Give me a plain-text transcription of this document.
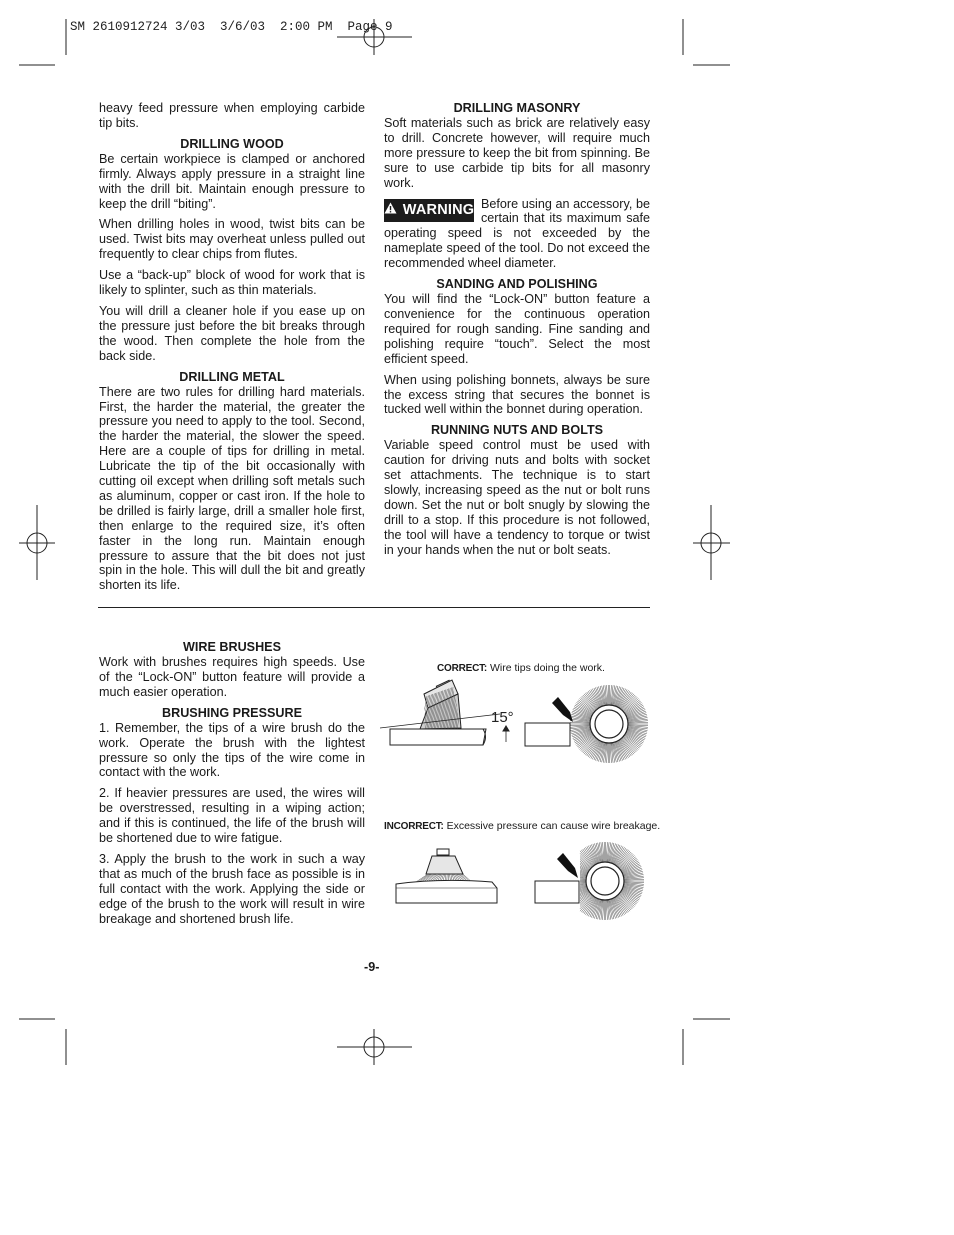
SM 2610912724 3/03  3/6/03  2:00 PM  Page 9

heavy feed pressure when employing carbide tip bits.

DRILLING WOOD

Be certain workpiece is clamped or anchored firmly. Always apply pressure in a straight line with the drill bit. Maintain enough pressure to keep the drill “biting”.

When drilling holes in wood, twist bits can be used. Twist bits may overheat unless pulled out frequently to clear chips from flutes.

Use a “back-up” block of wood for work that is likely to splinter, such as thin materials.

You will drill a cleaner hole if you ease up on the pressure just before the bit breaks through the wood. Then complete the hole from the back side.

DRILLING METAL

There are two rules for drilling hard materials. First, the harder the material, the greater the pressure you need to apply to the tool. Second, the harder the material, the slower the speed. Here are a couple of tips for drilling in metal. Lubricate the tip of the bit occasionally with cutting oil except when drilling soft metals such as aluminum, copper or cast iron. If the hole to be drilled is fairly large, drill a smaller hole first, then enlarge to the required size, it’s often faster in the long run. Maintain enough pressure to assure that the bit does not just spin in the hole. This will dull the bit and greatly shorten its life.

DRILLING MASONRY

Soft materials such as brick are relatively easy to drill. Concrete however, will require much more pressure to keep the bit from spinning. Be sure to use carbide tip bits for all masonry work.

WARNING Before using an accessory, be certain that its maximum safe operating speed is not exceeded by the nameplate speed of the tool. Do not exceed the recommended wheel diameter.

SANDING AND POLISHING

You will find the “Lock-ON” button feature a convenience for the continuous operation required for rough sanding. Fine sanding and polishing require “touch”. Select the most efficient speed.

When using polishing bonnets, always be sure the excess string that secures the bonnet is tucked well within the bonnet during operation.

RUNNING NUTS AND BOLTS

Variable speed control must be used with caution for driving nuts and bolts with socket set attachments. The technique is to start slowly, increasing speed as the nut or bolt runs down. Set the nut or bolt snugly by slowing the drill to a stop. If this procedure is not followed, the tool will have a tendency to torque or twist in your hands when the nut or bolt seats.

WIRE BRUSHES

Work with brushes requires high speeds. Use of the “Lock-ON” button feature will provide a much easier operation.

BRUSHING PRESSURE

1. Remember, the tips of a wire brush do the work. Operate the brush with the lightest pressure so only the tips of the wire come in contact with the work.

2. If heavier pressures are used, the wires will be overstressed, resulting in a wiping action; and if this is continued, the life of the brush will be shortened due to wire fatigue.

3. Apply the brush to the work in such a way that as much of the brush face as possible is in full contact with the work. Applying the side or edge of the brush to the work will result in wire breakage and shortened brush life.

CORRECT: Wire tips doing the work.
INCORRECT: Excessive pressure can cause wire breakage.
15°
-9-
